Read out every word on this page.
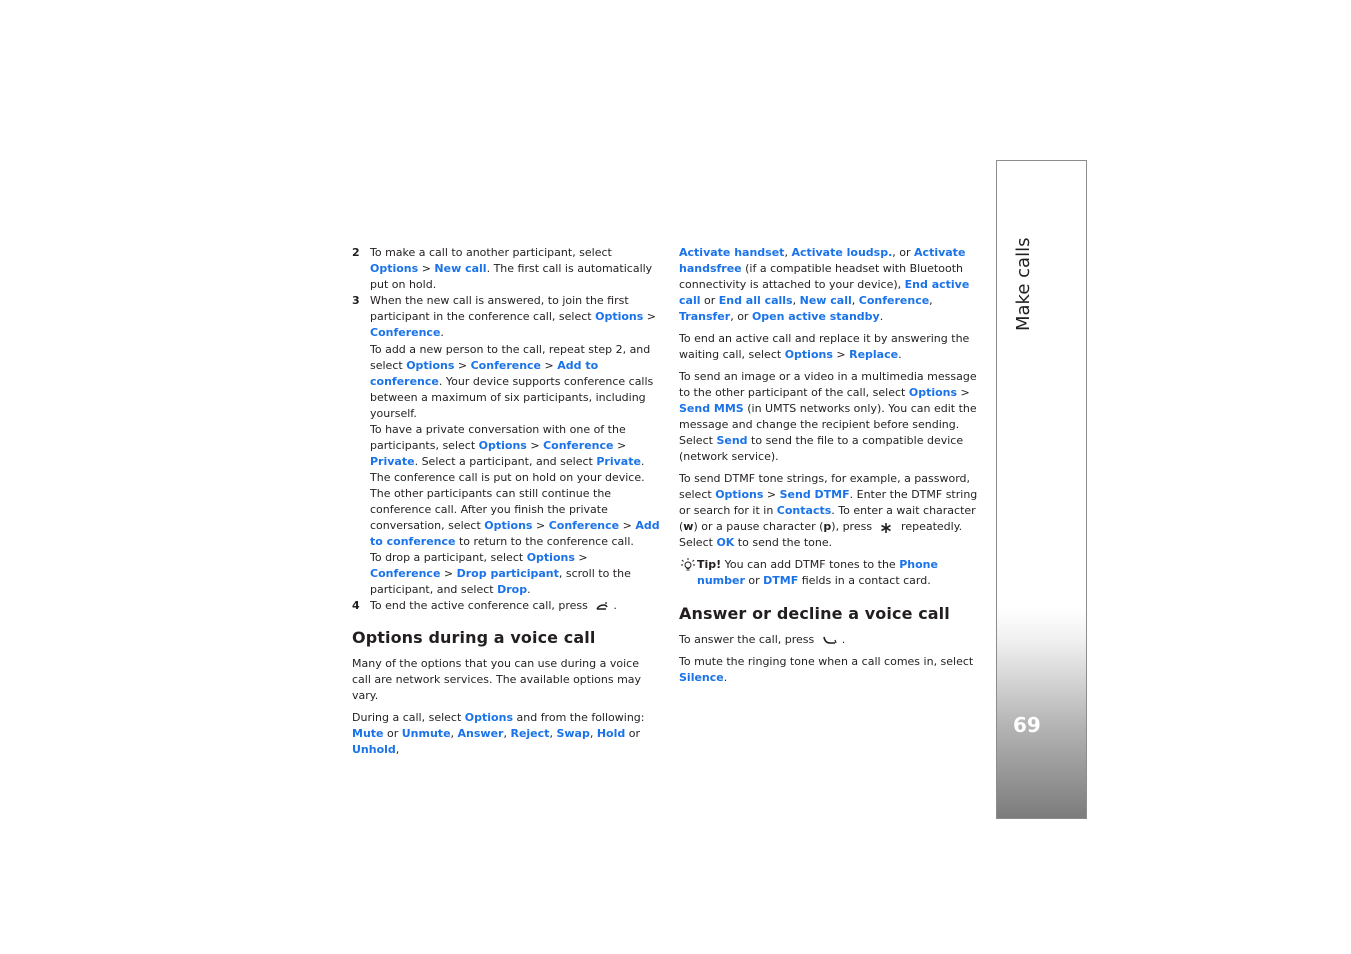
2 To make a call to another participant, select Options > New call. The first call is automatically put on hold.
3 When the new call is answered, to join the first participant in the conference call, select Options > Conference.
To add a new person to the call, repeat step 2, and select Options > Conference > Add to conference. Your device supports conference calls between a maximum of six participants, including yourself.
To have a private conversation with one of the participants, select Options > Conference > Private. Select a participant, and select Private. The conference call is put on hold on your device. The other participants can still continue the conference call. After you finish the private conversation, select Options > Conference > Add to conference to return to the conference call.
To drop a participant, select Options > Conference > Drop participant, scroll to the participant, and select Drop.
4 To end the active conference call, press .
Options during a voice call

Many of the options that you can use during a voice call are network services. The available options may vary.

During a call, select Options and from the following: Mute or Unmute, Answer, Reject, Swap, Hold or Unhold,

Activate handset, Activate loudsp., or Activate handsfree (if a compatible headset with Bluetooth connectivity is attached to your device), End active call or End all calls, New call, Conference, Transfer, or Open active standby.

To end an active call and replace it by answering the waiting call, select Options > Replace.

To send an image or a video in a multimedia message to the other participant of the call, select Options > Send MMS (in UMTS networks only). You can edit the message and change the recipient before sending. Select Send to send the file to a compatible device (network service).

To send DTMF tone strings, for example, a password, select Options > Send DTMF. Enter the DTMF string or search for it in Contacts. To enter a wait character (w) or a pause character (p), press  repeatedly. Select OK to send the tone.

Tip! You can add DTMF tones to the Phone number or DTMF fields in a contact card.
Answer or decline a voice call

To answer the call, press .

To mute the ringing tone when a call comes in, select Silence.

69
